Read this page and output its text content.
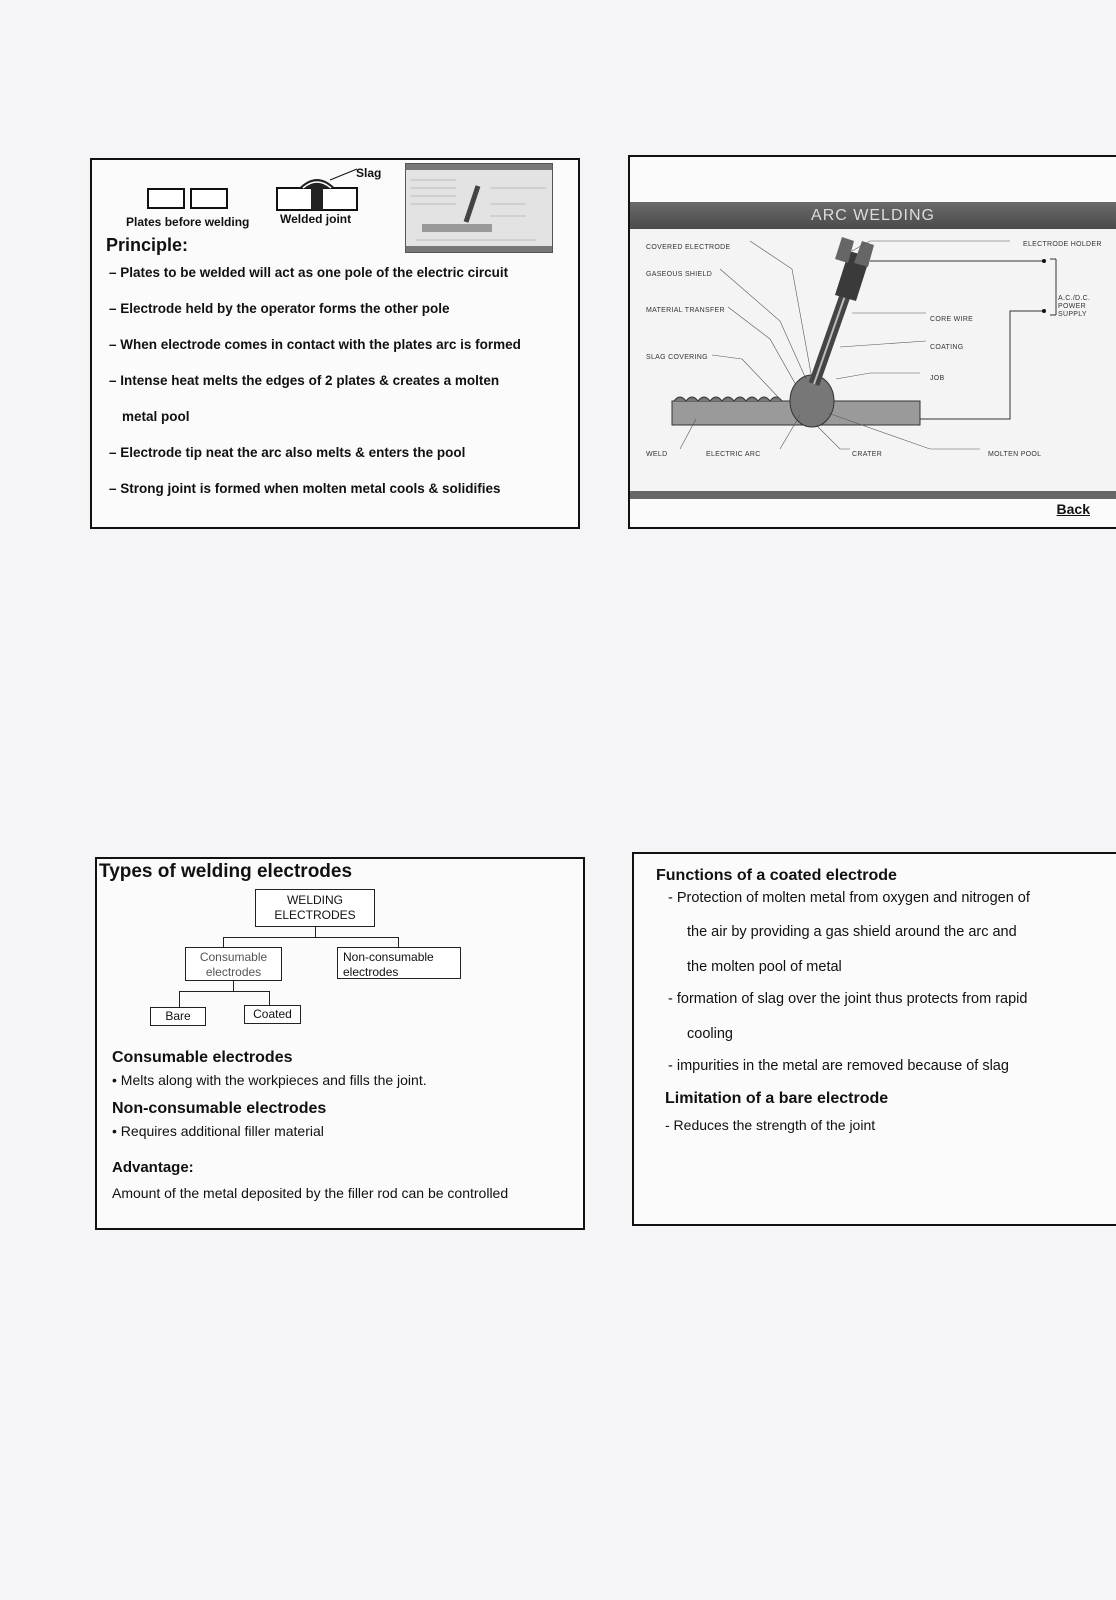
Plates before welding
Slag
Welded joint
Principle:
– Plates to be welded will act as one pole of the electric circuit
– Electrode held by the operator forms the other pole
– When electrode comes in contact with the plates arc is formed
– Intense heat melts the edges of 2 plates & creates a molten
metal pool
– Electrode tip neat the arc also melts & enters the pool
– Strong joint is formed when molten metal cools & solidifies
ARC WELDING
COVERED ELECTRODE
GASEOUS SHIELD
MATERIAL TRANSFER
SLAG COVERING
ELECTRODE HOLDER
A.C./D.C.
POWER
SUPPLY
CORE WIRE
COATING
JOB
WELD	ELECTRIC ARC	CRATER	MOLTEN POOL
Back
Types of welding electrodes
WELDING
ELECTRODES
Consumable
electrodes
Non-consumable
electrodes
Bare	Coated
Consumable electrodes
• Melts along with the workpieces and fills the joint.
Non-consumable electrodes
• Requires additional filler material
Advantage:
Amount of the metal deposited by the filler rod can be controlled
Functions of a coated electrode
- Protection of molten metal from oxygen and nitrogen of
the air by providing a gas shield around the arc and
the molten pool of metal
- formation of slag over the joint thus protects from rapid
cooling
- impurities in the metal are removed because of slag
Limitation of a bare electrode
- Reduces the strength of the joint
